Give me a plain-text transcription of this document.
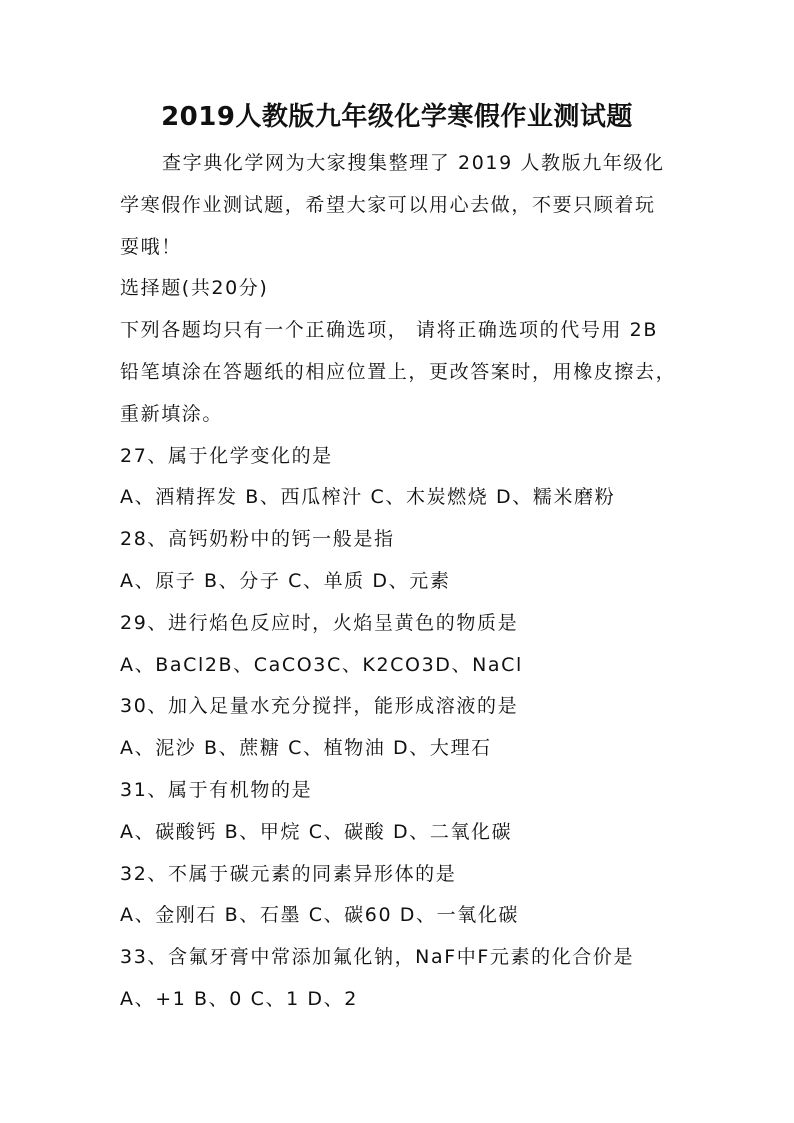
2019人教版九年级化学寒假作业测试题
查字典化学网为大家搜集整理了 2019 人教版九年级化
学寒假作业测试题，希望大家可以用心去做，不要只顾着玩
耍哦！
选择题(共20分)
下列各题均只有一个正确选项， 请将正确选项的代号用 2B
铅笔填涂在答题纸的相应位置上，更改答案时，用橡皮擦去，
重新填涂。
27、属于化学变化的是
A、酒精挥发 B、西瓜榨汁 C、木炭燃烧 D、糯米磨粉
28、高钙奶粉中的钙一般是指
A、原子 B、分子 C、单质 D、元素
29、进行焰色反应时，火焰呈黄色的物质是
A、BaCl2B、CaCO3C、K2CO3D、NaCl
30、加入足量水充分搅拌，能形成溶液的是
A、泥沙 B、蔗糖 C、植物油 D、大理石
31、属于有机物的是
A、碳酸钙 B、甲烷 C、碳酸 D、二氧化碳
32、不属于碳元素的同素异形体的是
A、金刚石 B、石墨 C、碳60 D、一氧化碳
33、含氟牙膏中常添加氟化钠，NaF中F元素的化合价是
A、+1 B、0 C、1 D、2
